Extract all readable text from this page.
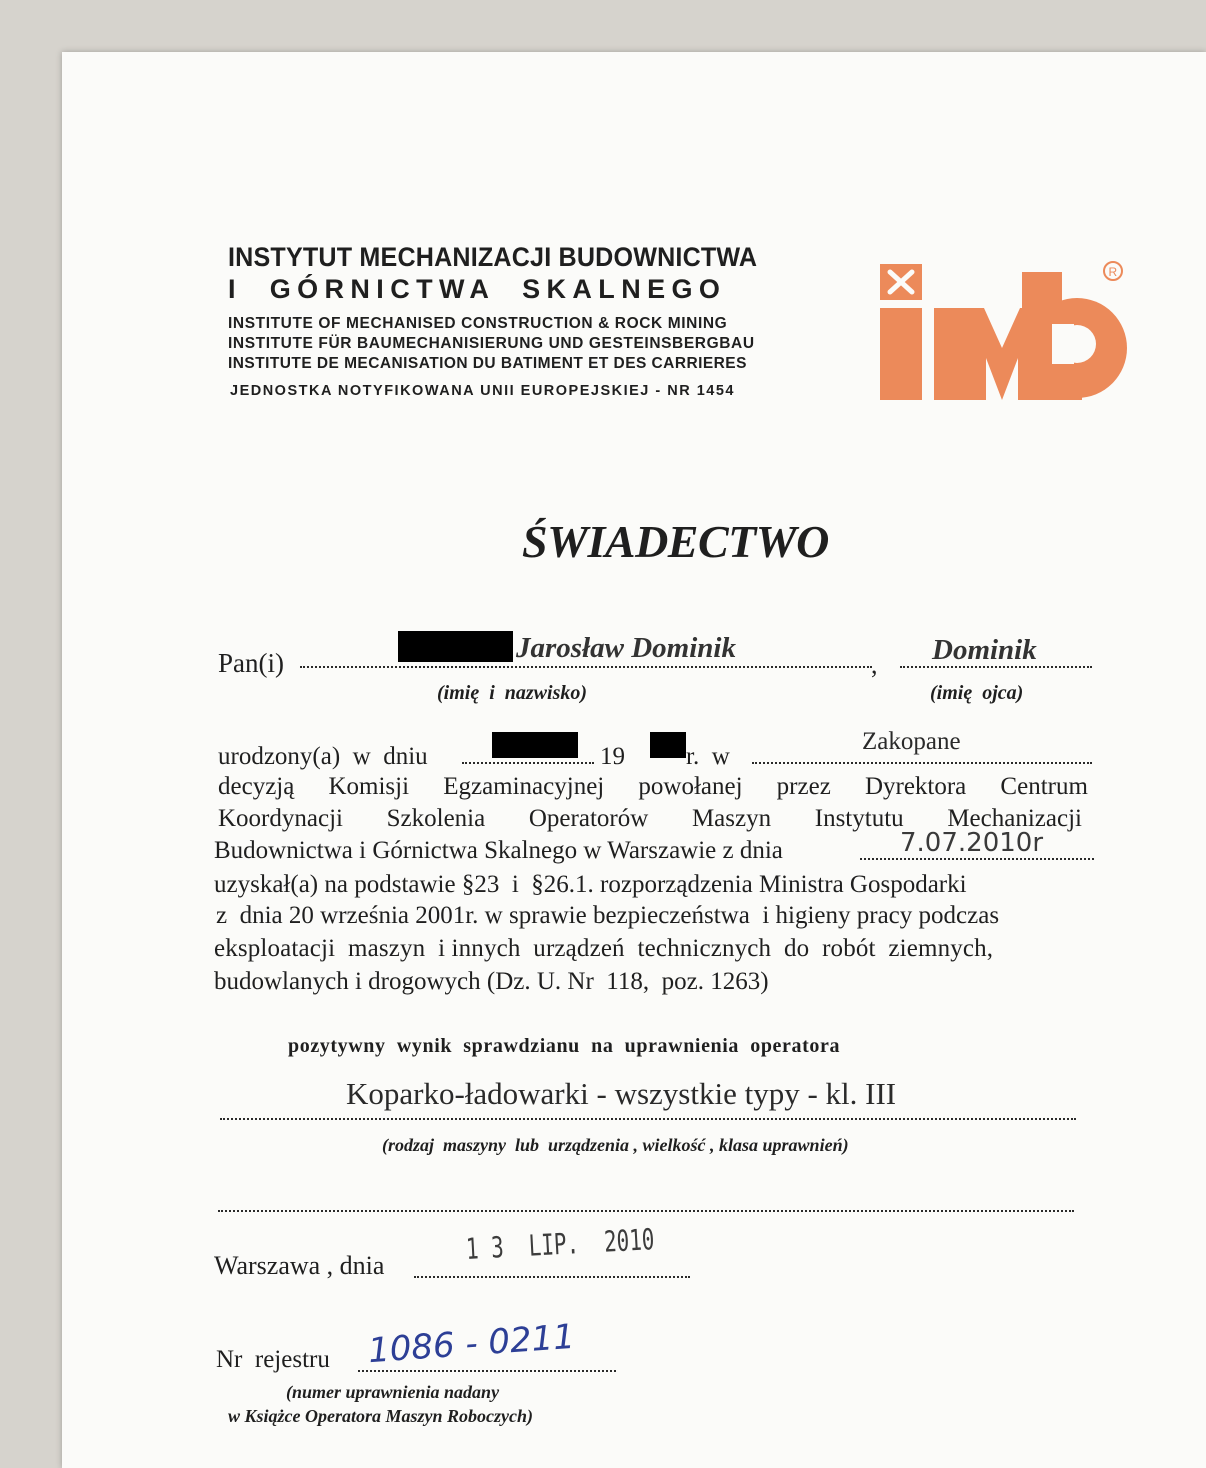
INSTYTUT MECHANIZACJI BUDOWNICTWA
I  GÓRNICTWA  SKALNEGO
INSTITUTE OF MECHANISED CONSTRUCTION & ROCK MINING
INSTITUTE FÜR BAUMECHANISIERUNG UND GESTEINSBERGBAU
INSTITUTE DE MECANISATION DU BATIMENT ET DES CARRIERES
JEDNOSTKA NOTYFIKOWANA UNII EUROPEJSKIEJ - NR 1454
R
ŚWIADECTWO
Pan(i)	Jarosław Dominik
, Dominik
(imię  i  nazwisko)	(imię  ojca)
urodzony(a)  w  dniu	19 r.  w
Zakopane
decyzją Komisji Egzaminacyjnej powołanej przez Dyrektora Centrum
Koordynacji Szkolenia Operatorów Maszyn Instytutu Mechanizacji
Budownictwa i Górnictwa Skalnego w Warszawie z dnia	7.07.2010r
uzyskał(a) na podstawie §23  i  §26.1. rozporządzenia Ministra Gospodarki
z  dnia 20 września 2001r. w sprawie bezpieczeństwa  i higieny pracy podczas
eksploatacji  maszyn  i innych  urządzeń  technicznych  do  robót  ziemnych,
budowlanych i drogowych (Dz. U. Nr  118,  poz. 1263)
pozytywny  wynik  sprawdzianu  na  uprawnienia  operatora
Koparko-ładowarki - wszystkie typy - kl. III
(rodzaj  maszyny  lub  urządzenia , wielkość , klasa uprawnień)
Warszawa , dnia	1 3  LIP.  2010
Nr  rejestru 1086 - 0211
(numer uprawnienia nadany
w Książce Operatora Maszyn Roboczych)
